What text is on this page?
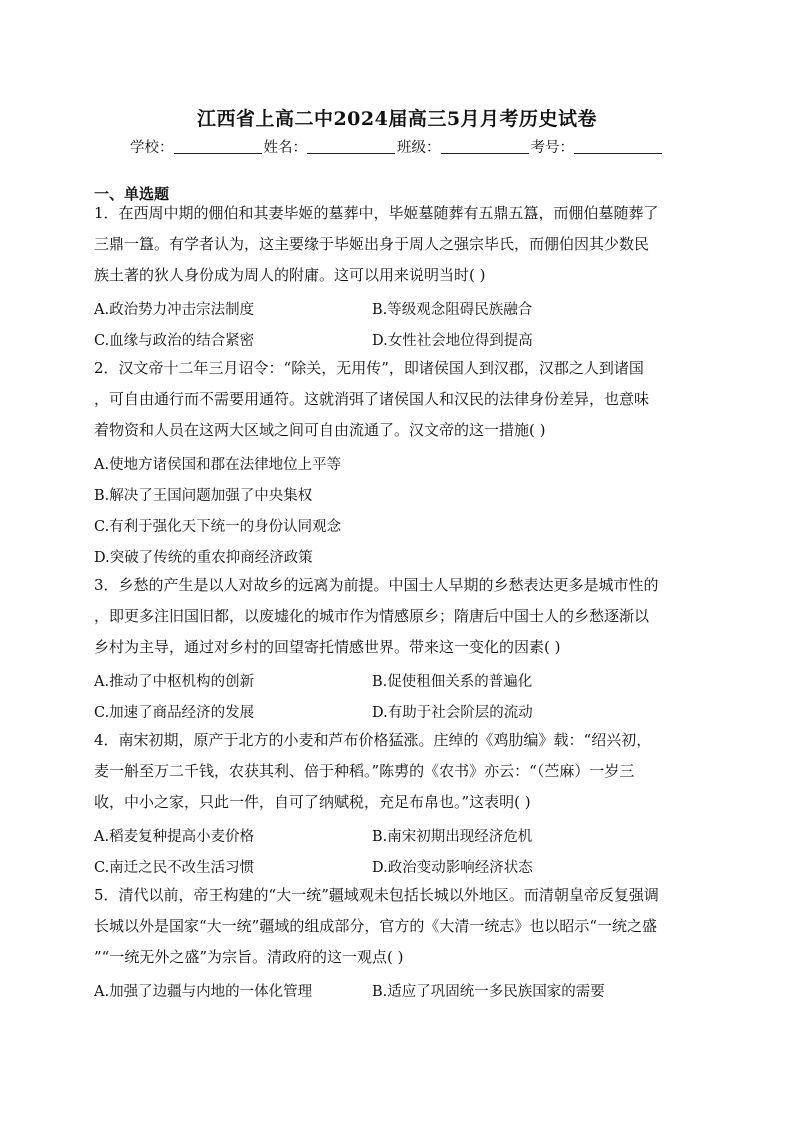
江西省上高二中2024届高三5月月考历史试卷
学校：	姓名：	班级：	考号：
一、单选题
1．在西周中期的倗伯和其妻毕姬的墓葬中，毕姬墓随葬有五鼎五簋，而倗伯墓随葬了
三鼎一簋。有学者认为，这主要缘于毕姬出身于周人之强宗毕氏，而倗伯因其少数民
族土著的狄人身份成为周人的附庸。这可以用来说明当时( )
A.政治势力冲击宗法制度	B.等级观念阻碍民族融合
C.血缘与政治的结合紧密	D.女性社会地位得到提高
2．汉文帝十二年三月诏令：“除关，无用传”，即诸侯国人到汉郡，汉郡之人到诸国
，可自由通行而不需要用通符。这就消弭了诸侯国人和汉民的法律身份差异，也意味
着物资和人员在这两大区域之间可自由流通了。汉文帝的这一措施( )
A.使地方诸侯国和郡在法律地位上平等
B.解决了王国问题加强了中央集权
C.有利于强化天下统一的身份认同观念
D.突破了传统的重农抑商经济政策
3．乡愁的产生是以人对故乡的远离为前提。中国士人早期的乡愁表达更多是城市性的
，即更多注旧国旧都，以废墟化的城市作为情感原乡；隋唐后中国士人的乡愁逐渐以
乡村为主导，通过对乡村的回望寄托情感世界。带来这一变化的因素( )
A.推动了中枢机构的创新	B.促使租佃关系的普遍化
C.加速了商品经济的发展	D.有助于社会阶层的流动
4．南宋初期，原产于北方的小麦和芦布价格猛涨。庄绰的《鸡肋编》载：“绍兴初，
麦一斛至万二千钱，农获其利、倍于种稻。”陈旉的《农书》亦云：“（苎麻）一岁三
收，中小之家，只此一件，自可了纳赋税，充足布帛也。”这表明( )
A.稻麦复种提高小麦价格	B.南宋初期出现经济危机
C.南迁之民不改生活习惯	D.政治变动影响经济状态
5．清代以前，帝王构建的“大一统”疆域观未包括长城以外地区。而清朝皇帝反复强调
长城以外是国家“大一统”疆域的组成部分，官方的《大清一统志》也以昭示“一统之盛
”“一统无外之盛”为宗旨。清政府的这一观点( )
A.加强了边疆与内地的一体化管理	B.适应了巩固统一多民族国家的需要
